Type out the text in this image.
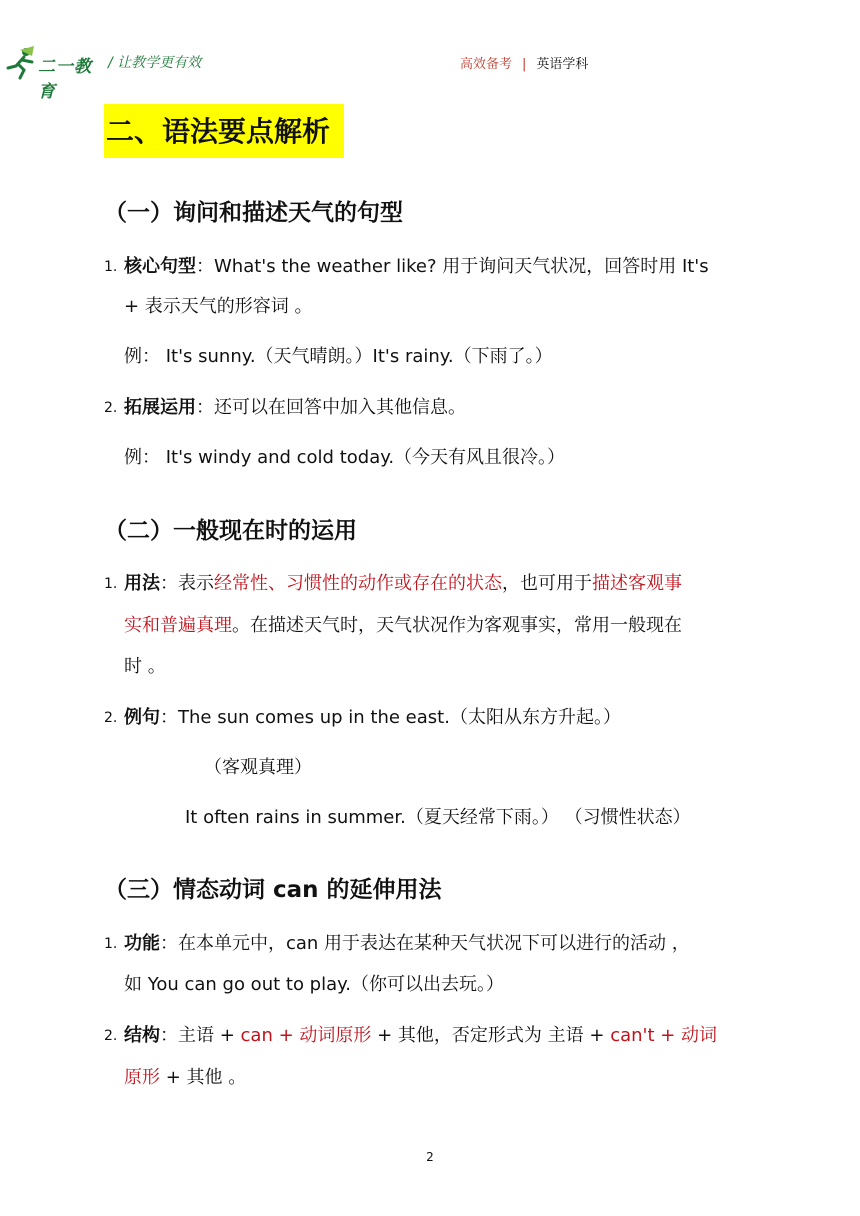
二一教育
/ 让教学更有效	高效备考 | 英语学科
二、语法要点解析
（一）询问和描述天气的句型
1. 核心句型：What's the weather like? 用于询问天气状况，回答时用 It's
+ 表示天气的形容词 。
例： It's sunny.（天气晴朗。）It's rainy.（下雨了。）
2. 拓展运用：还可以在回答中加入其他信息。
例： It's windy and cold today.（今天有风且很冷。）
（二）一般现在时的运用
1. 用法：表示经常性、习惯性的动作或存在的状态，也可用于描述客观事
实和普遍真理。在描述天气时，天气状况作为客观事实，常用一般现在
时 。
2. 例句：The sun comes up in the east.（太阳从东方升起。）
（客观真理）
It often rains in summer.（夏天经常下雨。） （习惯性状态）
（三）情态动词 can 的延伸用法
1. 功能：在本单元中，can 用于表达在某种天气状况下可以进行的活动 ，
如 You can go out to play.（你可以出去玩。）
2. 结构：主语 + can + 动词原形 + 其他，否定形式为 主语 + can't + 动词
原形 + 其他 。
2
